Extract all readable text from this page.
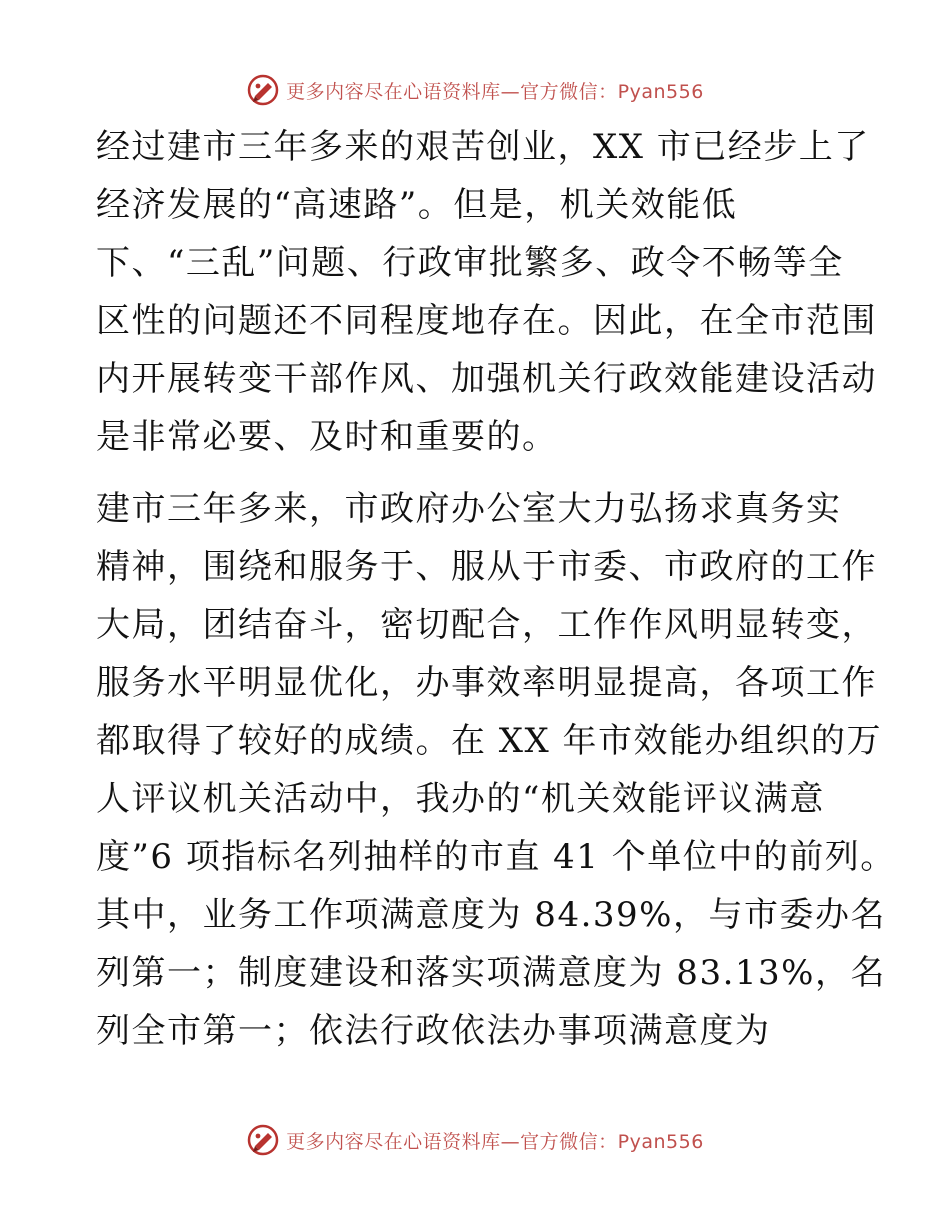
更多内容尽在心语资料库—官方微信：Pyan556

经过建市三年多来的艰苦创业，XX 市已经步上了
经济发展的“高速路”。但是，机关效能低
下、“三乱”问题、行政审批繁多、政令不畅等全
区性的问题还不同程度地存在。因此，在全市范围
内开展转变干部作风、加强机关行政效能建设活动
是非常必要、及时和重要的。

建市三年多来，市政府办公室大力弘扬求真务实
精神，围绕和服务于、服从于市委、市政府的工作
大局，团结奋斗，密切配合，工作作风明显转变，
服务水平明显优化，办事效率明显提高，各项工作
都取得了较好的成绩。在 XX 年市效能办组织的万
人评议机关活动中，我办的“机关效能评议满意
度”6 项指标名列抽样的市直 41 个单位中的前列。
其中，业务工作项满意度为 84.39%，与市委办名
列第一；制度建设和落实项满意度为 83.13%，名
列全市第一；依法行政依法办事项满意度为

更多内容尽在心语资料库—官方微信：Pyan556
